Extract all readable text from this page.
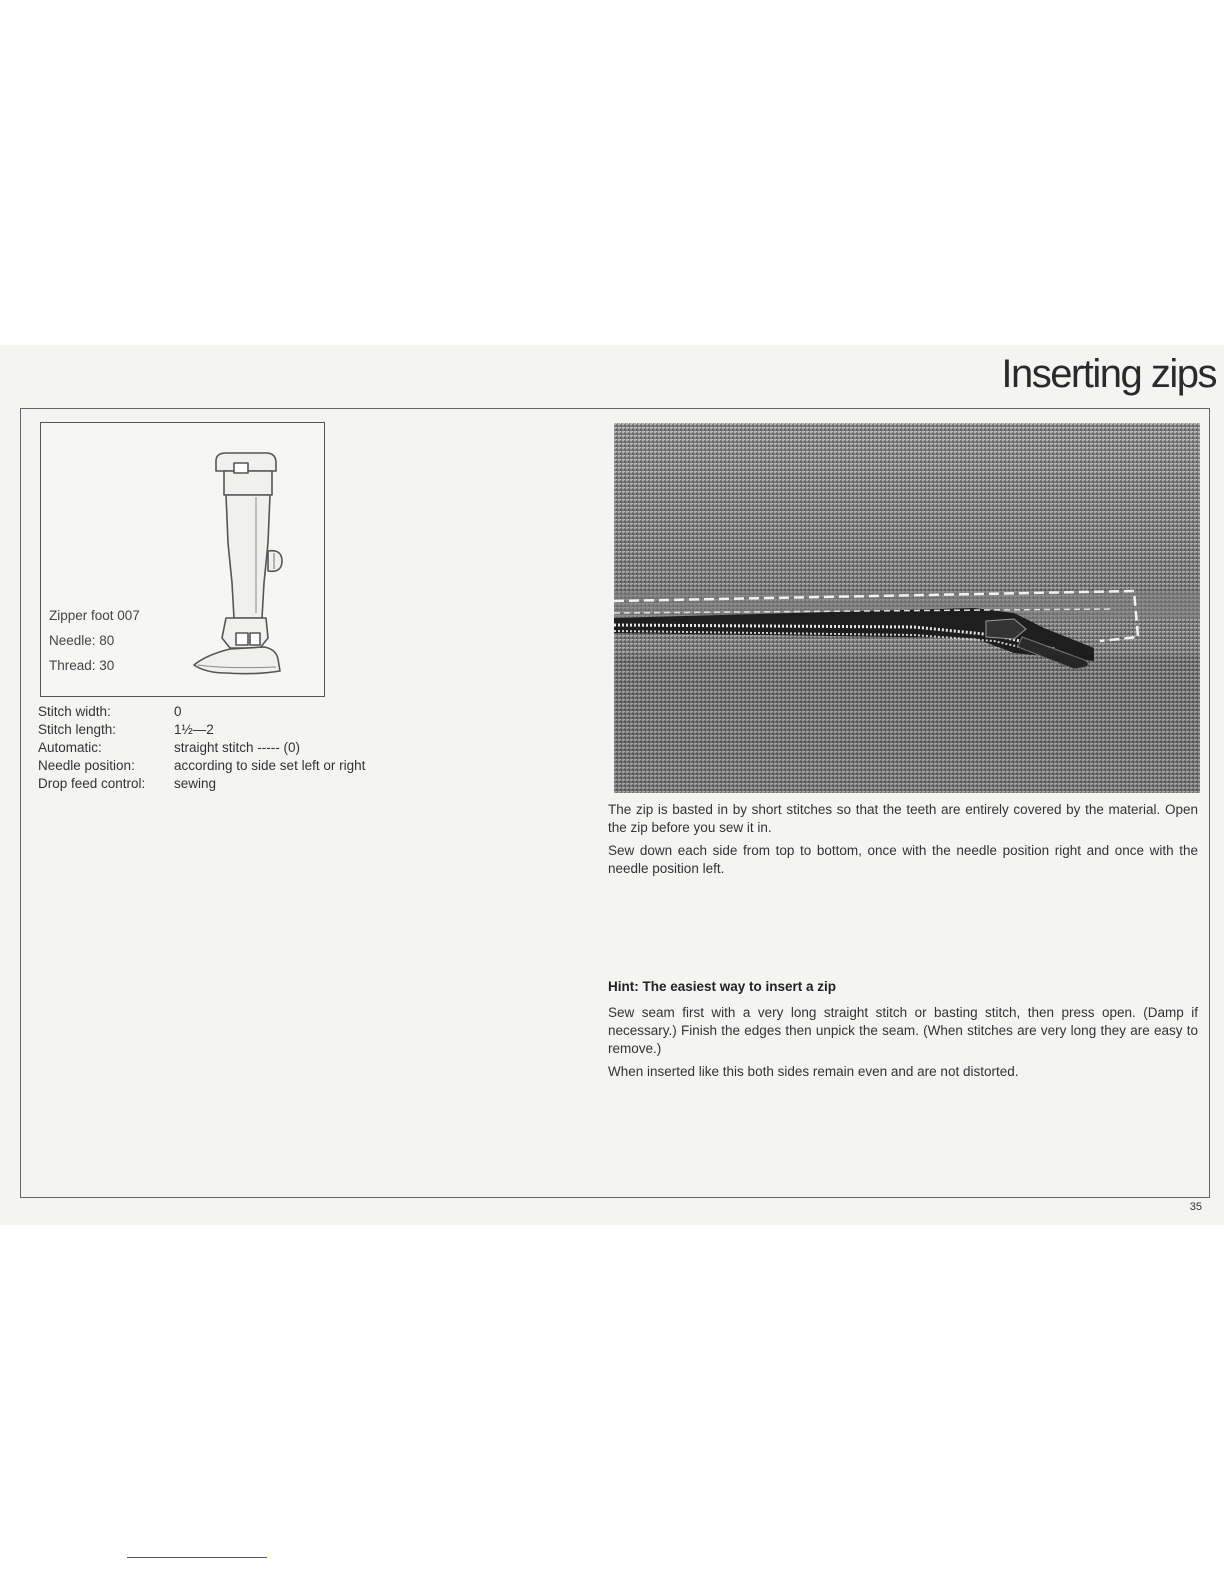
Inserting zips
Zipper foot 007
Needle: 80
Thread: 30
Stitch width:	0
Stitch length:	1½—2
Automatic:	straight stitch ----- (0)
Needle position:	according to side set left or right
Drop feed control:	sewing

The zip is basted in by short stitches so that the teeth are entirely covered by the material. Open the zip before you sew it in.

Sew down each side from top to bottom, once with the needle position right and once with the needle position left.

Hint: The easiest way to insert a zip

Sew seam first with a very long straight stitch or basting stitch, then press open. (Damp if necessary.) Finish the edges then unpick the seam. (When stitches are very long they are easy to remove.)

When inserted like this both sides remain even and are not distorted.

35
